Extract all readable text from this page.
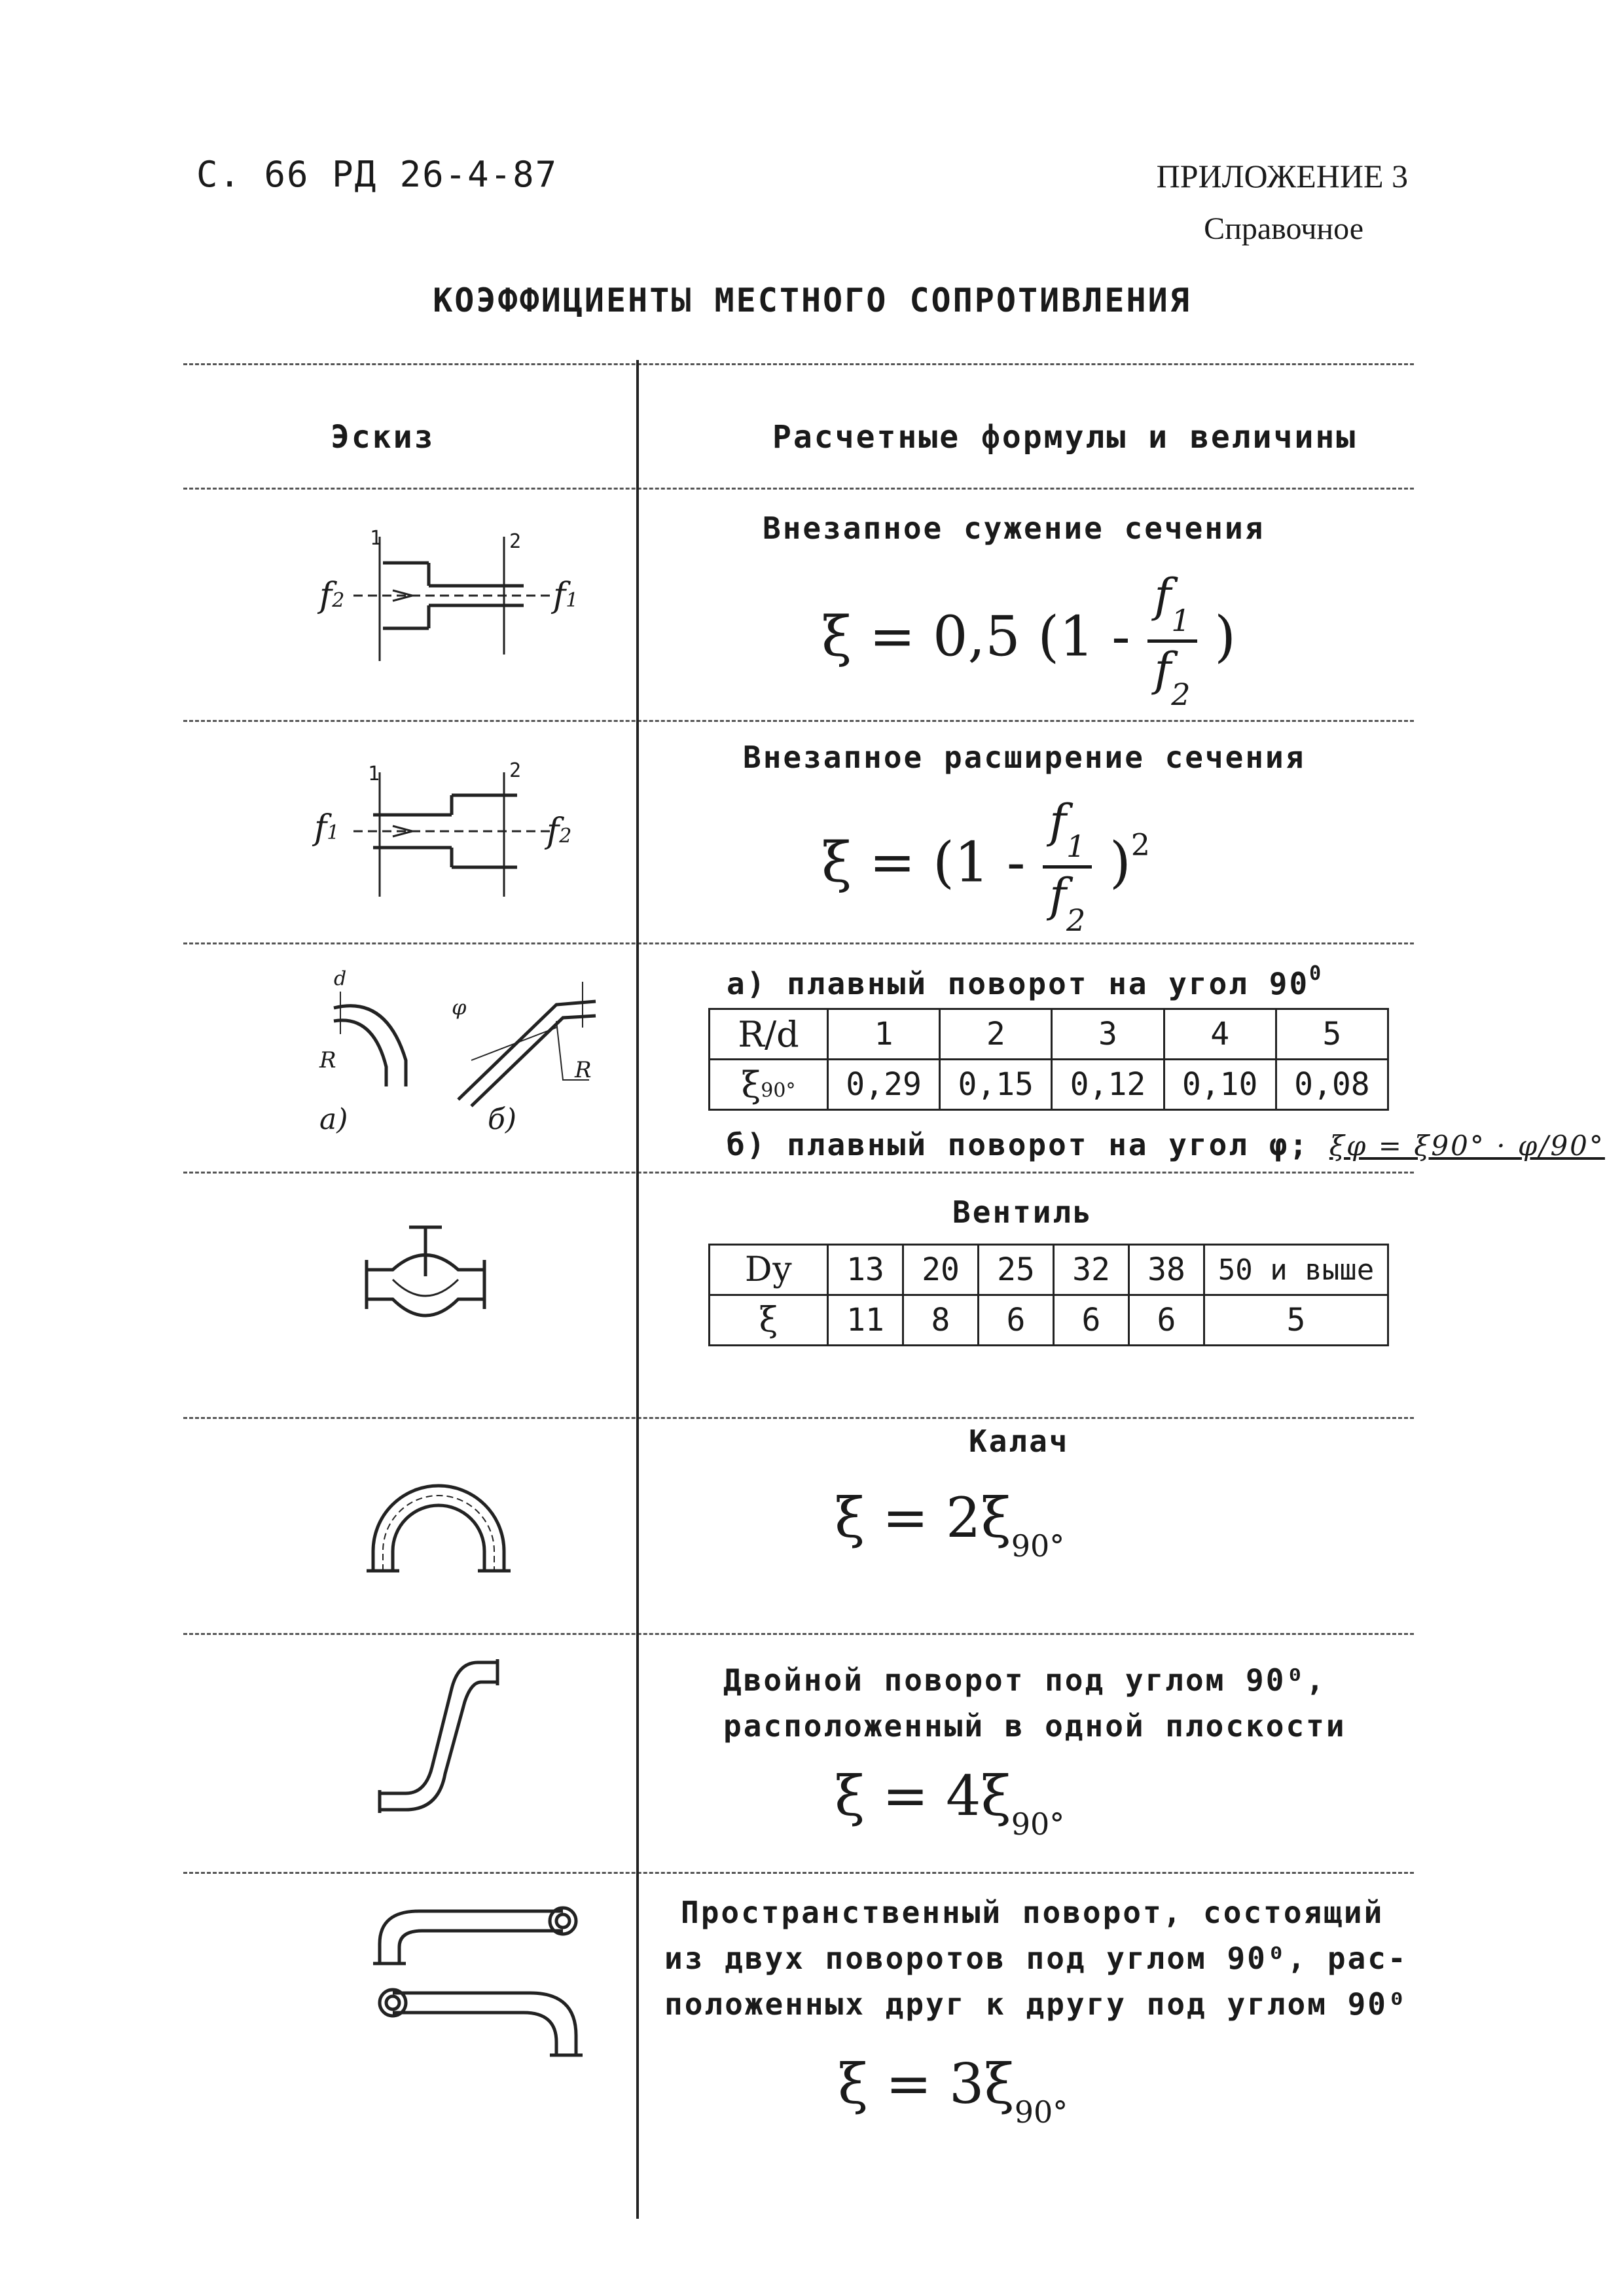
С. 66 РД 26-4-87	ПРИЛОЖЕНИЕ 3
Справочное
КОЭФФИЦИЕНТЫ МЕСТНОГО СОПРОТИВЛЕНИЯ
Эскиз	Расчетные формулы и величины
Внезапное сужение сечения
ξ = 0,5 ($1 - \frac{f_1}{f_2}$ )
f2	f1
1	2
Внезапное расширение сечения
$\xi = (1 - \frac{f_1}{f_2} )^2$
f1	f2
1	2
а) плавный поворот на угол $90^0$
R/d	1	2	3	4	5
ξ90°	0,29	0,15	0,12	0,10	0,08
б) плавный поворот на угол φ; ξφ = ξ90° · φ/90°
а)	б)
R	R
d
φ
Вентиль
Dу	13	20	25	32	38	50 и выше
ξ	11	8	6	6	6	5
Калач
$\xi = 2\xi_{90^\circ}$
Двойной поворот под углом 90⁰,
расположенный в одной плоскости
$\xi = 4\xi_{90^\circ}$
Пространственный поворот, состоящий
из двух поворотов под углом 90⁰, рас-
положенных друг к другу под углом 90⁰
$\xi = 3\xi_{90^\circ}$
